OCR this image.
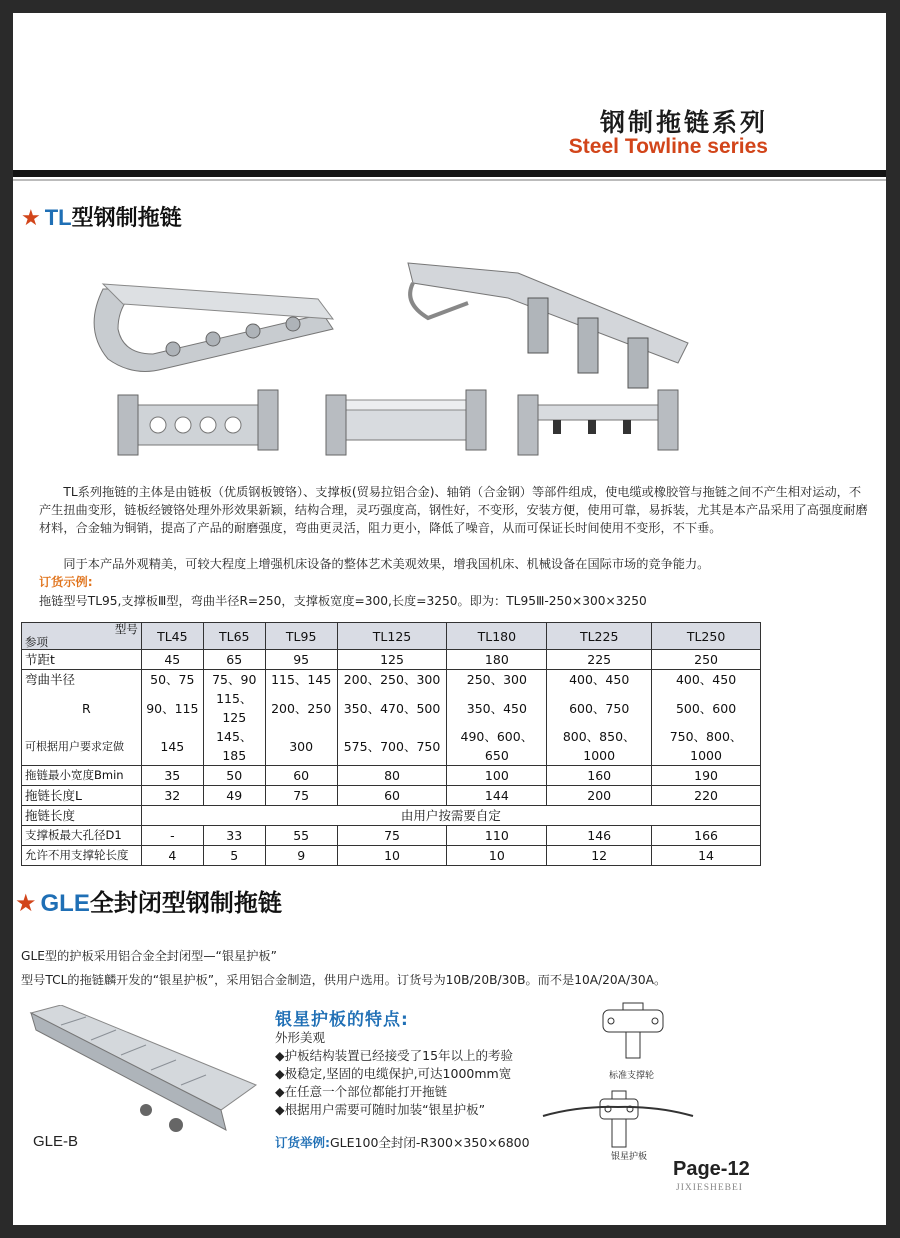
钢制拖链系列
Steel Towline series
★ TL 型钢制拖链
TL系列拖链的主体是由链板（优质钢板镀铬）、支撑板(贸易拉铝合金)、轴销（合金钢）等部件组成，使电缆或橡胶管与拖链之间不产生相对运动，不产生扭曲变形，链板经镀铬处理外形效果新颖，结构合理，灵巧强度高，钢性好，不变形，安装方便，使用可靠，易拆装，尤其是本产品采用了高强度耐磨材料，合金轴为铜销，提高了产品的耐磨强度，弯曲更灵活，阻力更小，降低了噪音，从而可保证长时间使用不变形，不下垂。
同于本产品外观精美，可较大程度上增强机床设备的整体艺术美观效果，增我国机床、机械设备在国际市场的竞争能力。
订货示例:
拖链型号TL95,支撑板Ⅲ型，弯曲半径R=250，支撑板宽度=300,长度=3250。即为：TL95Ⅲ-250×300×3250
型号
参项	TL45	TL65	TL95	TL125	TL180	TL225	TL250
节距t	45	65	95	125	180	225	250
弯曲半径	50、75	75、90	115、145	200、250、300	250、300	400、450	400、450
R	90、115	115、125	200、250	350、470、500	350、450	600、750	500、600
可根据用户要求定做	145	145、185	300	575、700、750	490、600、650	800、850、1000	750、800、1000
拖链最小宽度Bmin	35	50	60	80	100	160	190
拖链长度L	32	49	75	60	144	200	220
拖链长度	由用户按需要自定						
支撑板最大孔径D1	-	33	55	75	110	146	166
允许不用支撑轮长度	4	5	9	10	10	12	14
★ GLE 全封闭型钢制拖链
GLE型的护板采用铝合金全封闭型—“银星护板”
型号TCL的拖链麟开发的“银星护板”，采用铝合金制造，供用户选用。订货号为10B/20B/30B。而不是10A/20A/30A。
GLE-B
银星护板的特点:
外形美观
◆护板结构装置已经接受了15年以上的考验
◆极稳定,坚固的电缆保护,可达1000mm宽
◆在任意一个部位都能打开拖链
◆根据用户需要可随时加装“银星护板”
订货举例:GLE100全封闭-R300×350×6800
标准支撑轮
银星护板
Page-12
JIXIESHEBEI
